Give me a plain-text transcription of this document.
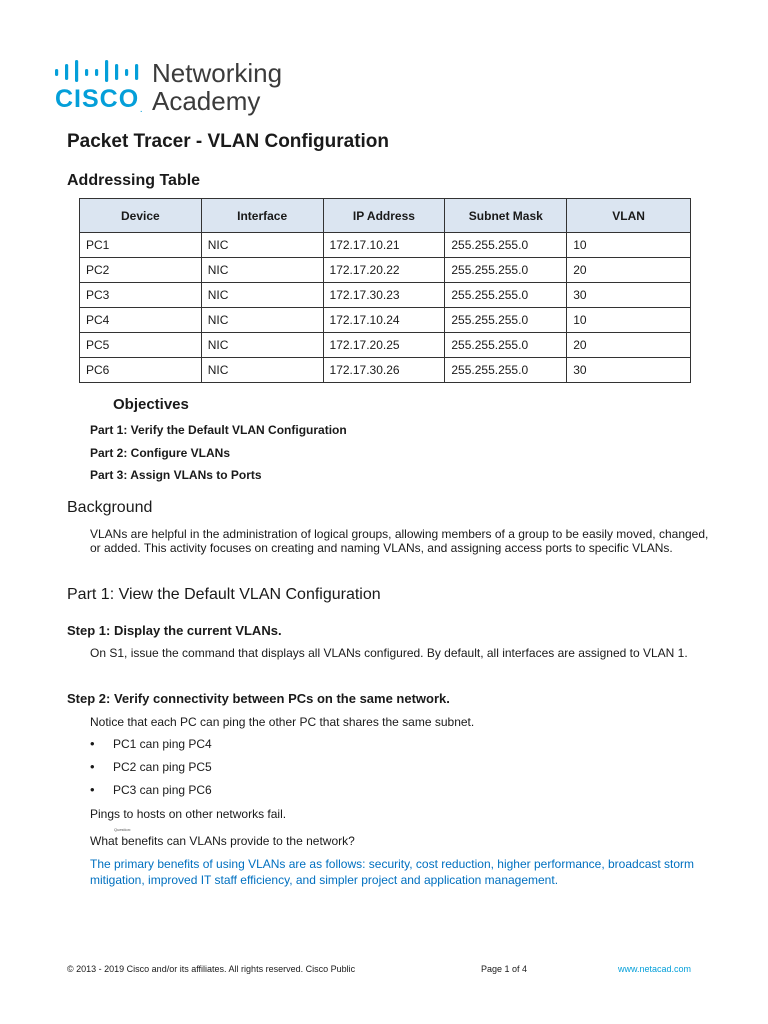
CISCO.
Networking
Academy
Packet Tracer - VLAN Configuration
Addressing Table
Device	Interface	IP Address	Subnet Mask	VLAN
PC1	NIC	172.17.10.21	255.255.255.0	10
PC2	NIC	172.17.20.22	255.255.255.0	20
PC3	NIC	172.17.30.23	255.255.255.0	30
PC4	NIC	172.17.10.24	255.255.255.0	10
PC5	NIC	172.17.20.25	255.255.255.0	20
PC6	NIC	172.17.30.26	255.255.255.0	30
Objectives

Part 1: Verify the Default VLAN Configuration

Part 2: Configure VLANs

Part 3: Assign VLANs to Ports

Background

VLANs are helpful in the administration of logical groups, allowing members of a group to be easily moved, changed, or added. This activity focuses on creating and naming VLANs, and assigning access ports to specific VLANs.

Part 1: View the Default VLAN Configuration

Step 1: Display the current VLANs.

On S1, issue the command that displays all VLANs configured. By default, all interfaces are assigned to VLAN 1.

Step 2: Verify connectivity between PCs on the same network.

Notice that each PC can ping the other PC that shares the same subnet.

• PC1 can ping PC4
• PC2 can ping PC5
• PC3 can ping PC6

Pings to hosts on other networks fail.

Question:

What benefits can VLANs provide to the network?

The primary benefits of using VLANs are as follows: security, cost reduction, higher performance, broadcast storm mitigation, improved IT staff efficiency, and simpler project and application management.

© 2013 - 2019 Cisco and/or its affiliates. All rights reserved. Cisco Public	Page 1 of 4	www.netacad.com
